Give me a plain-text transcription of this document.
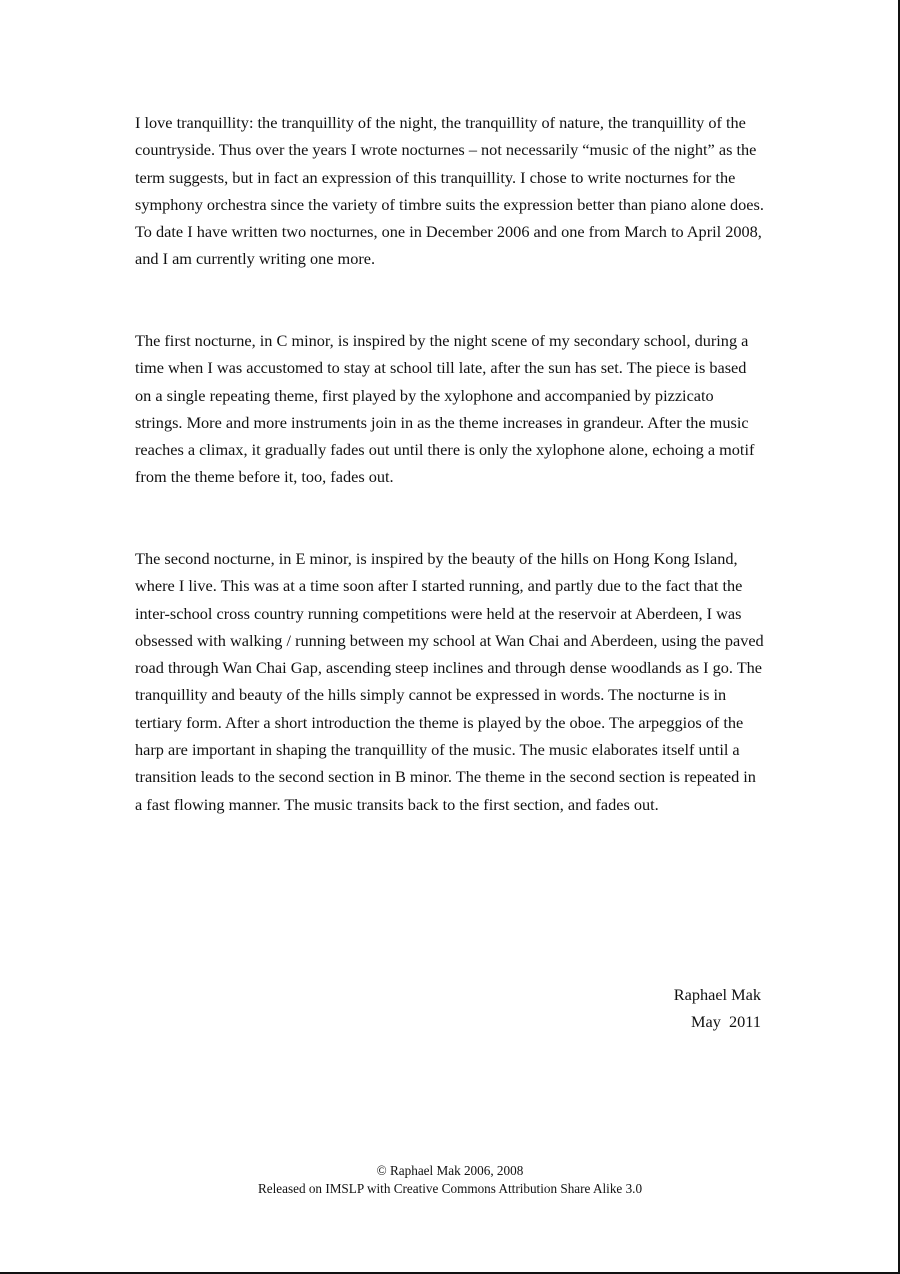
I love tranquillity: the tranquillity of the night, the tranquillity of nature, the tranquillity of the countryside. Thus over the years I wrote nocturnes – not necessarily “music of the night” as the term suggests, but in fact an expression of this tranquillity. I chose to write nocturnes for the symphony orchestra since the variety of timbre suits the expression better than piano alone does. To date I have written two nocturnes, one in December 2006 and one from March to April 2008, and I am currently writing one more.

The first nocturne, in C minor, is inspired by the night scene of my secondary school, during a time when I was accustomed to stay at school till late, after the sun has set. The piece is based on a single repeating theme, first played by the xylophone and accompanied by pizzicato strings. More and more instruments join in as the theme increases in grandeur. After the music reaches a climax, it gradually fades out until there is only the xylophone alone, echoing a motif from the theme before it, too, fades out.

The second nocturne, in E minor, is inspired by the beauty of the hills on Hong Kong Island, where I live. This was at a time soon after I started running, and partly due to the fact that the inter-school cross country running competitions were held at the reservoir at Aberdeen, I was obsessed with walking / running between my school at Wan Chai and Aberdeen, using the paved road through Wan Chai Gap, ascending steep inclines and through dense woodlands as I go. The tranquillity and beauty of the hills simply cannot be expressed in words. The nocturne is in tertiary form. After a short introduction the theme is played by the oboe. The arpeggios of the harp are important in shaping the tranquillity of the music. The music elaborates itself until a transition leads to the second section in B minor. The theme in the second section is repeated in a fast flowing manner. The music transits back to the first section, and fades out.

Raphael Mak
May  2011
© Raphael Mak 2006, 2008
Released on IMSLP with Creative Commons Attribution Share Alike 3.0
